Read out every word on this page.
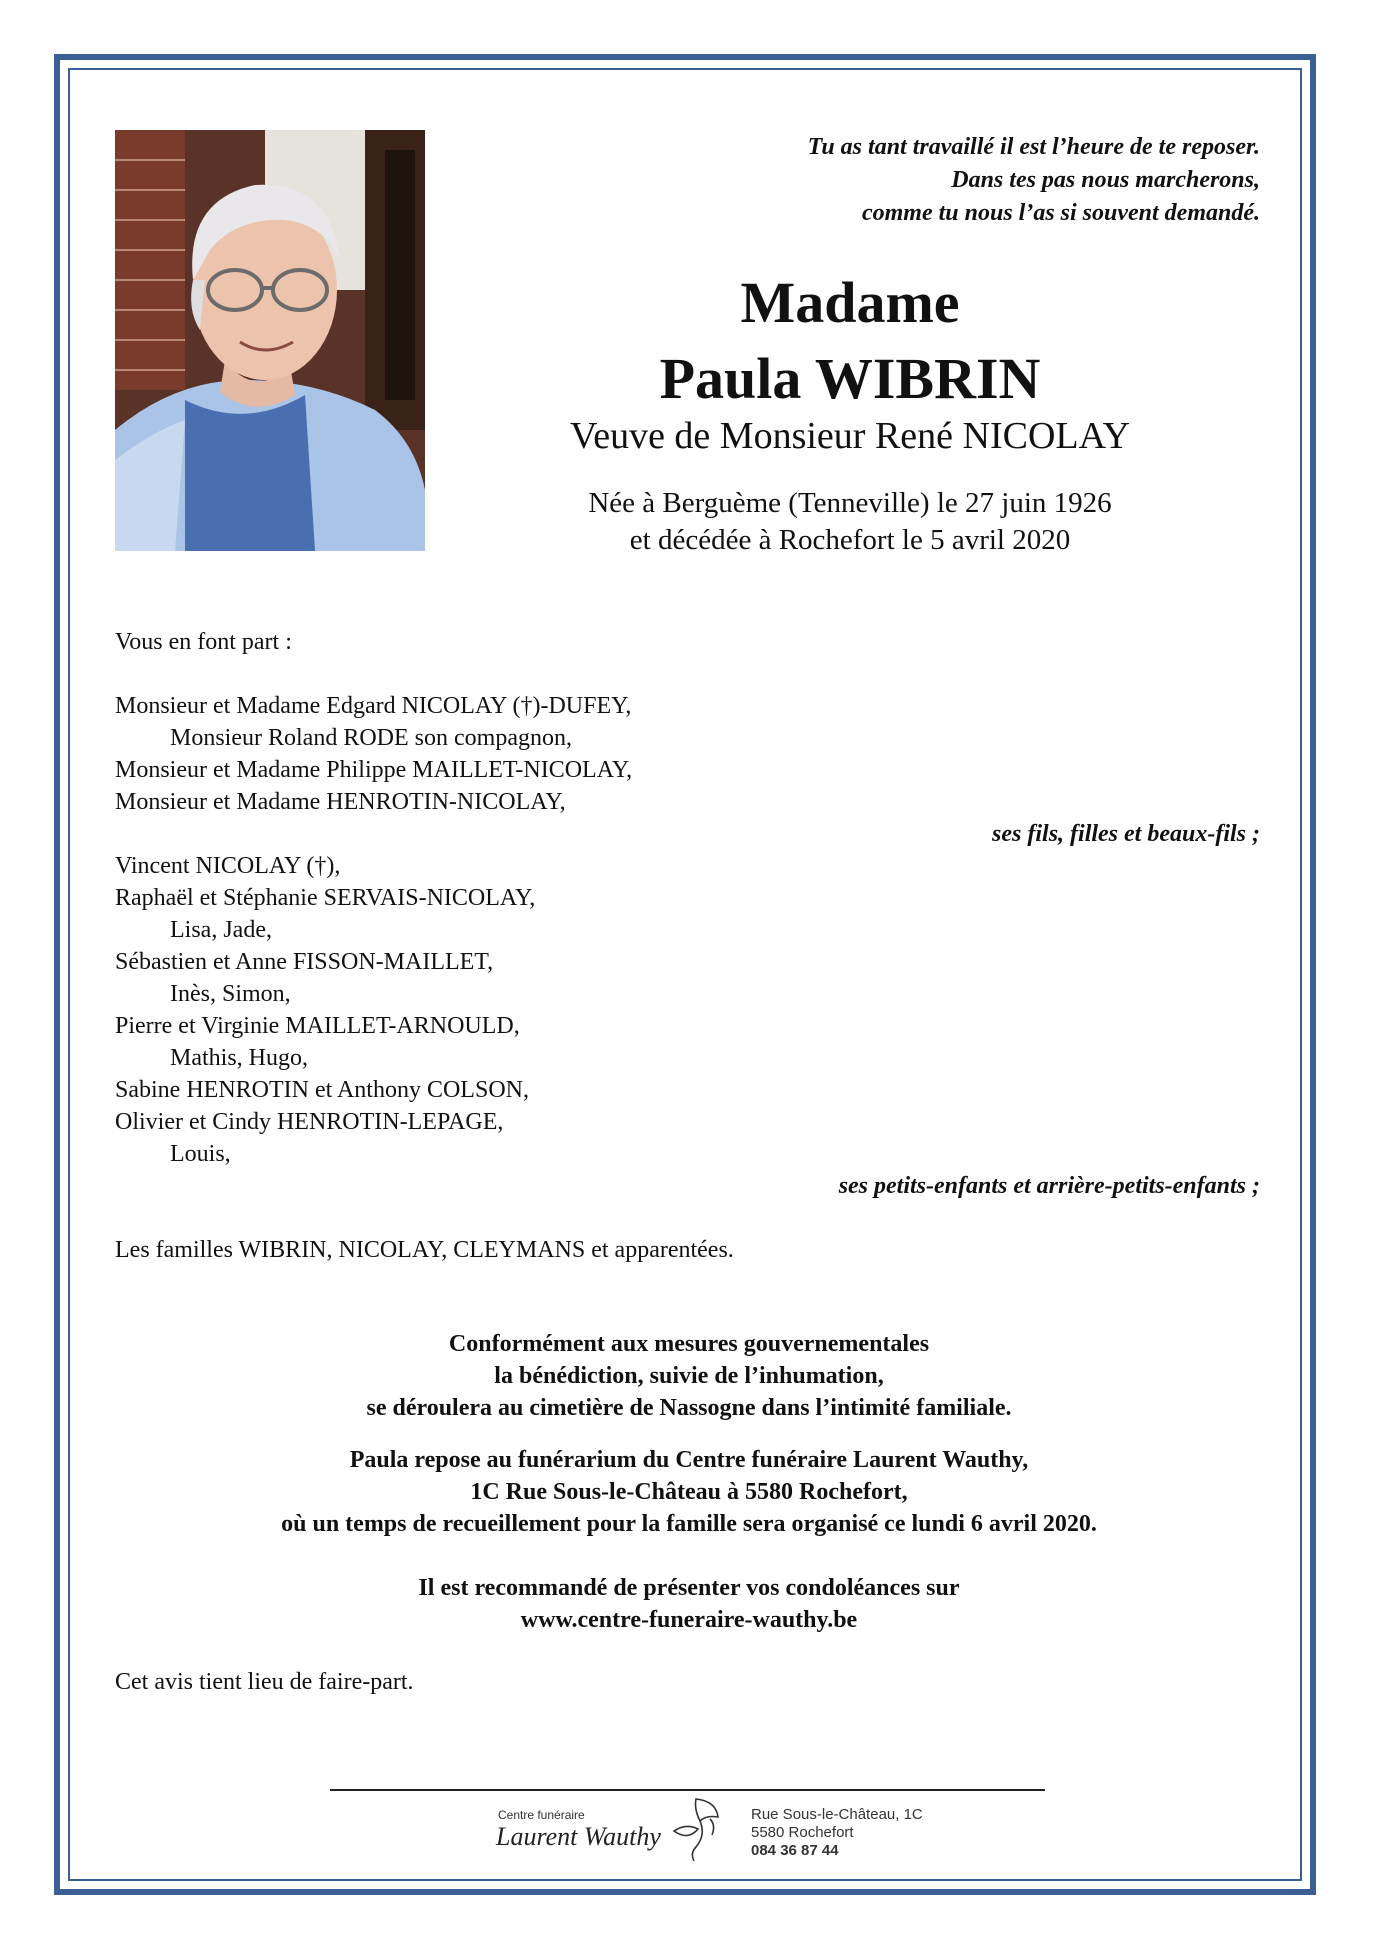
Tu as tant travaillé il est l’heure de te reposer.
Dans tes pas nous marcherons,
comme tu nous l’as si souvent demandé.
Madame
Paula WIBRIN
Veuve de Monsieur René NICOLAY
Née à Berguème (Tenneville) le 27 juin 1926
et décédée à Rochefort le 5 avril 2020
Vous en font part :
Monsieur et Madame Edgard NICOLAY (†)-DUFEY,
Monsieur Roland RODE son compagnon,
Monsieur et Madame Philippe MAILLET-NICOLAY,
Monsieur et Madame HENROTIN-NICOLAY,
ses fils, filles et beaux-fils ;
Vincent NICOLAY (†),
Raphaël et Stéphanie SERVAIS-NICOLAY,
Lisa, Jade,
Sébastien et Anne FISSON-MAILLET,
Inès, Simon,
Pierre et Virginie MAILLET-ARNOULD,
Mathis, Hugo,
Sabine HENROTIN et Anthony COLSON,
Olivier et Cindy HENROTIN-LEPAGE,
Louis,
ses petits-enfants et arrière-petits-enfants ;
Les familles WIBRIN, NICOLAY, CLEYMANS et apparentées.
Conformément aux mesures gouvernementales
la bénédiction, suivie de l’inhumation,
se déroulera au cimetière de Nassogne dans l’intimité familiale.
Paula repose au funérarium du Centre funéraire Laurent Wauthy,
1C Rue Sous-le-Château à 5580 Rochefort,
où un temps de recueillement pour la famille sera organisé ce lundi 6 avril 2020.
Il est recommandé de présenter vos condoléances sur
www.centre-funeraire-wauthy.be
Cet avis tient lieu de faire-part.
Centre funéraire
Laurent Wauthy
Rue Sous-le-Château, 1C
5580 Rochefort
084 36 87 44
